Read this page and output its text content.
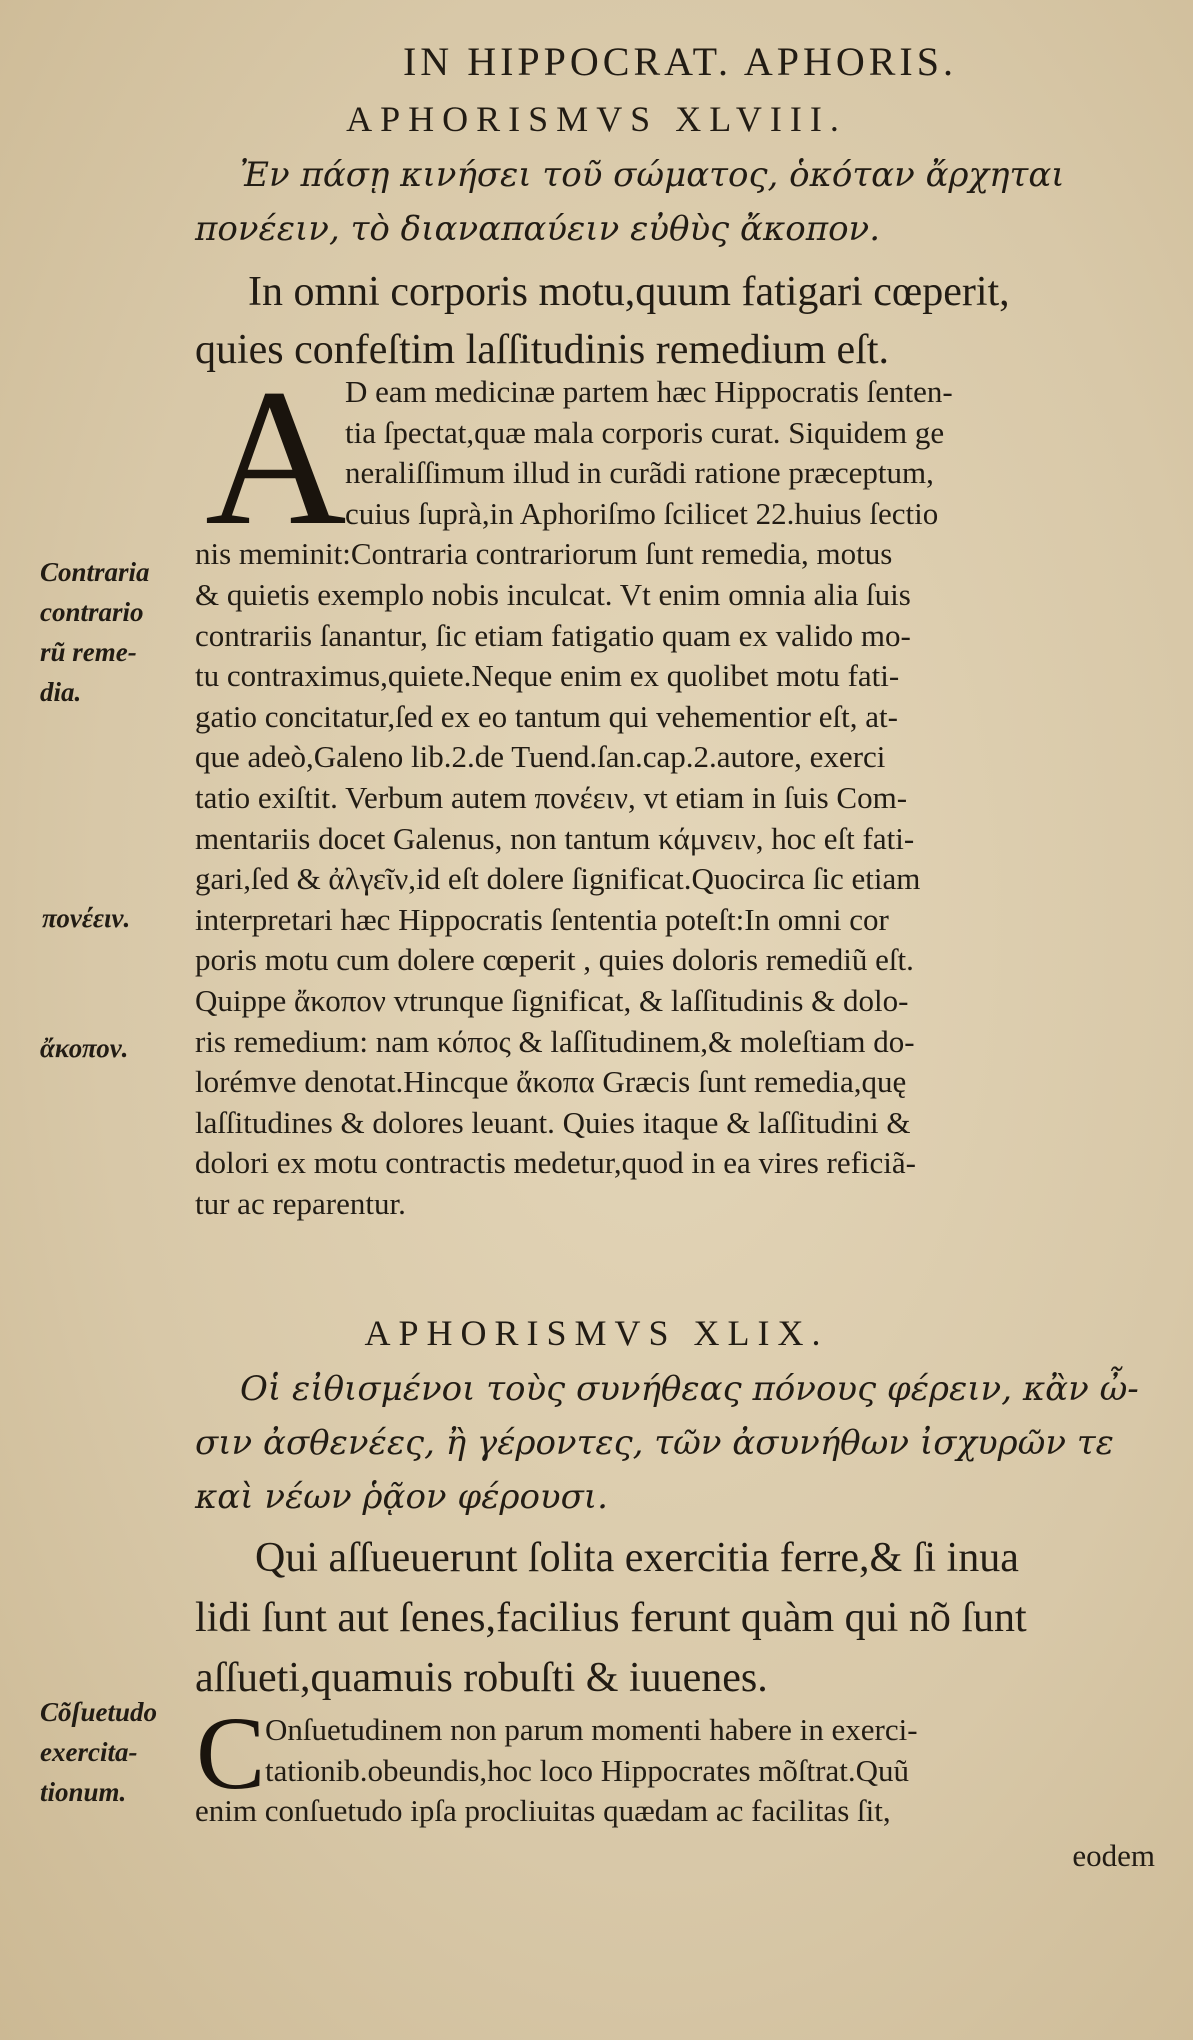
IN HIPPOCRAT. APHORIS.
APHORISMVS XLVIII.
Ἐν πάσῃ κινήσει τοῦ σώματος, ὁκόταν ἄρχηται
πονέειν, τὸ διαναπαύειν εὐθὺς ἄκοπον.
In omni corporis motu,quum fatigari cœperit,
quies confeſtim laſſitudinis remedium eſt.
A
D eam medicinæ partem hæc Hippocratis ſenten-
tia ſpectat,quæ mala corporis curat. Siquidem ge
neraliſſimum illud in curãdi ratione præceptum,
cuius ſuprà,in Aphoriſmo ſcilicet 22.huius ſectio
nis meminit:Contraria contrariorum ſunt remedia, motus
& quietis exemplo nobis inculcat. Vt enim omnia alia ſuis
contrariis ſanantur, ſic etiam fatigatio quam ex valido mo-
tu contraximus,quiete.Neque enim ex quolibet motu fati-
gatio concitatur,ſed ex eo tantum qui vehementior eſt, at-
que adeò,Galeno lib.2.de Tuend.ſan.cap.2.autore, exerci
tatio exiſtit. Verbum autem πονέειν, vt etiam in ſuis Com-
mentariis docet Galenus, non tantum κάμνειν, hoc eſt fati-
gari,ſed & ἀλγεῖν,id eſt dolere ſignificat.Quocirca ſic etiam
interpretari hæc Hippocratis ſententia poteſt:In omni cor
poris motu cum dolere cœperit , quies doloris remediũ eſt.
Quippe ἄκοπον vtrunque ſignificat, & laſſitudinis & dolo-
ris remedium: nam κόπος & laſſitudinem,& moleſtiam do-
lorémve denotat.Hincque ἄκοπα Græcis ſunt remedia,quę
laſſitudines & dolores leuant. Quies itaque & laſſitudini &
dolori ex motu contractis medetur,quod in ea vires reficiã-
tur ac reparentur.
Contraria
contrario
rũ reme-
dia.
πονέειν.
ἄκοπον.
APHORISMVS XLIX.
Οἱ εἰθισμένοι τοὺς συνήθεας πόνους φέρειν, κἂν ὦ-
σιν ἀσθενέες, ἢ γέροντες, τῶν ἀσυνήθων ἰσχυρῶν τε
καὶ νέων ῥᾷον φέρουσι.
Qui aſſueuerunt ſolita exercitia ferre,& ſi inua
lidi ſunt aut ſenes,facilius ferunt quàm qui nõ ſunt
aſſueti,quamuis robuſti & iuuenes.
C Onſuetudinem non parum momenti habere in exerci-
tationib.obeundis,hoc loco Hippocrates mõſtrat.Quũ
enim conſuetudo ipſa procliuitas quædam ac facilitas ſit,
Cõſuetudo
exercita-
tionum.
eodem
